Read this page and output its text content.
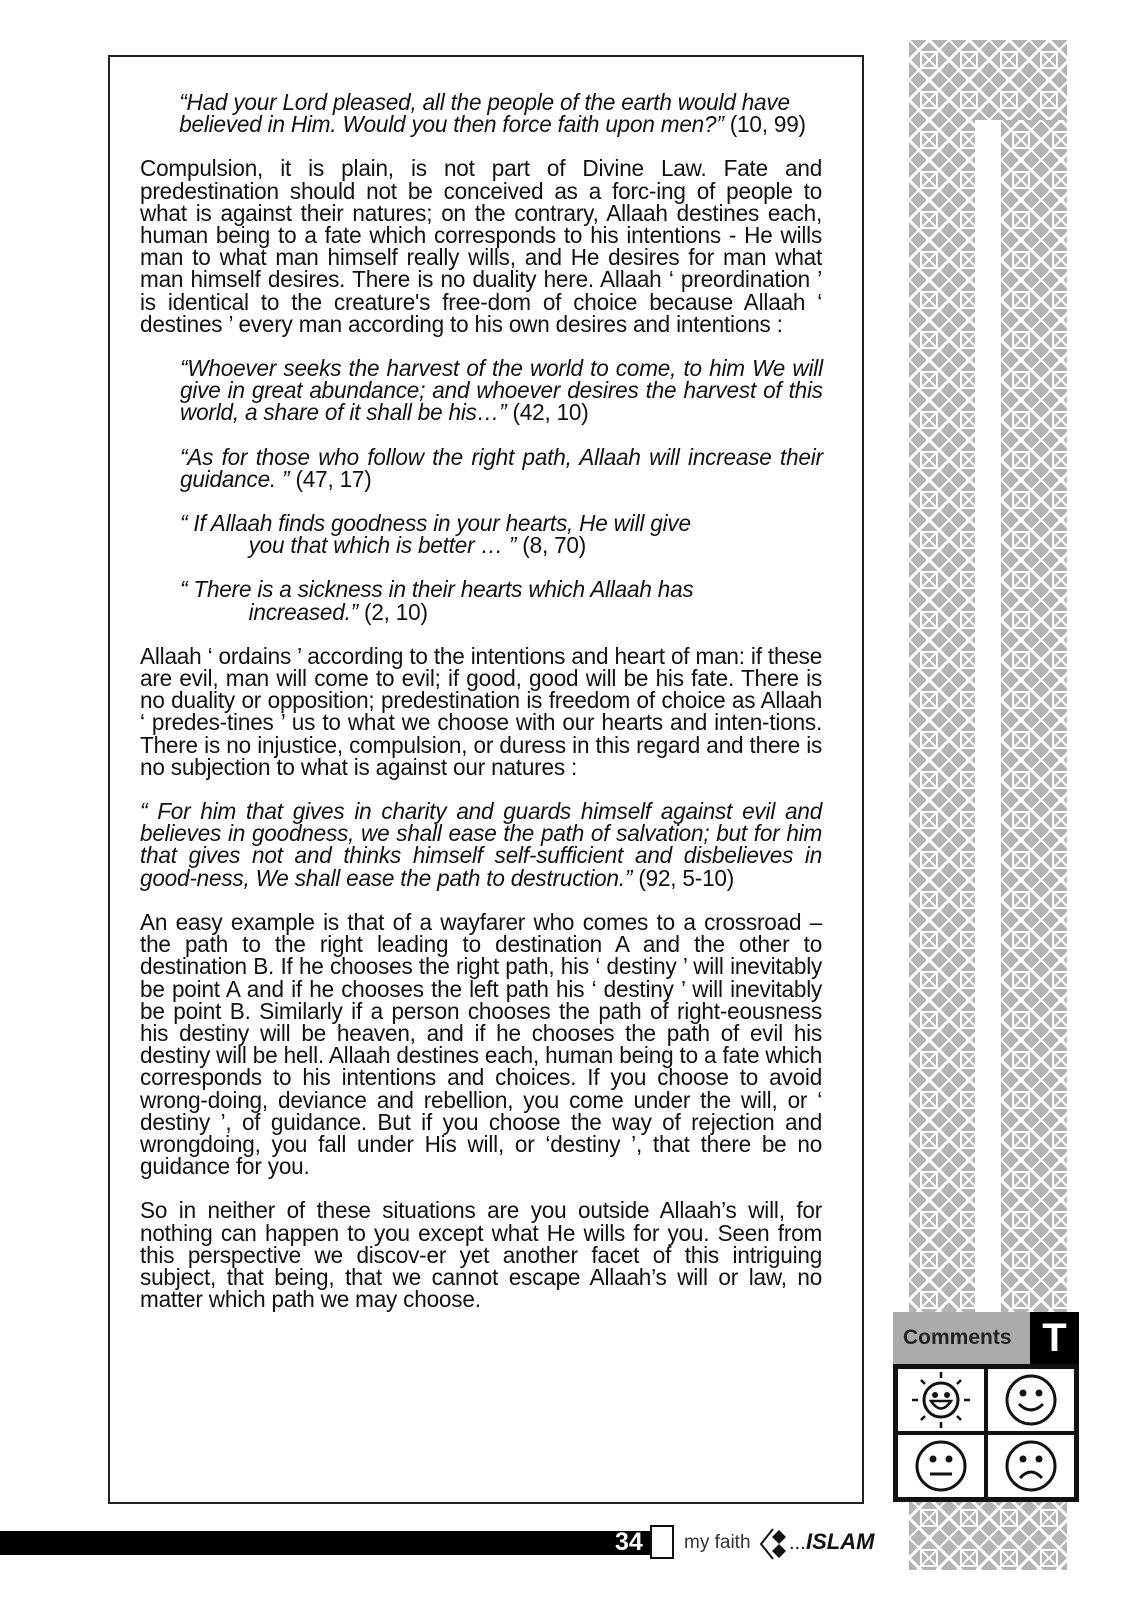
“Had your Lord pleased, all the people of the earth would have believed in Him. Would you then force faith upon men?” (10, 99)

Compulsion, it is plain, is not part of Divine Law. Fate and predestination should not be conceived as a forc-ing of people to what is against their natures; on the contrary, Allaah destines each, human being to a fate which corresponds to his intentions - He wills man to what man himself really wills, and He desires for man what man himself desires. There is no duality here. Allaah ‘ preordination ’ is identical to the creature's free-dom of choice because Allaah ‘ destines ’ every man according to his own desires and intentions :

“Whoever seeks the harvest of the world to come, to him We will give in great abundance; and whoever desires the harvest of this world, a share of it shall be his…” (42, 10)

“As for those who follow the right path, Allaah will increase their guidance. ” (47, 17)

“ If Allaah finds goodness in your hearts, He will give
you that which is better … ” (8, 70)

“ There is a sickness in their hearts which Allaah has
increased.” (2, 10)

Allaah ‘ ordains ’ according to the intentions and heart of man: if these are evil, man will come to evil; if good, good will be his fate. There is no duality or opposition; predestination is freedom of choice as Allaah ‘ predes-tines ’ us to what we choose with our hearts and inten-tions. There is no injustice, compulsion, or duress in this regard and there is no subjection to what is against our natures :

“ For him that gives in charity and guards himself against evil and believes in goodness, we shall ease the path of salvation; but for him that gives not and thinks himself self-sufficient and disbelieves in good-ness, We shall ease the path to destruction.” (92, 5-10)

An easy example is that of a wayfarer who comes to a crossroad – the path to the right leading to destination A and the other to destination B. If he chooses the right path, his ‘ destiny ’ will inevitably be point A and if he chooses the left path his ‘ destiny ’ will inevitably be point B. Similarly if a person chooses the path of right-eousness his destiny will be heaven, and if he chooses the path of evil his destiny will be hell. Allaah destines each, human being to a fate which corresponds to his intentions and choices. If you choose to avoid wrong-doing, deviance and rebellion, you come under the will, or ‘ destiny ’, of guidance. But if you choose the way of rejection and wrongdoing, you fall under His will, or ‘destiny ’, that there be no guidance for you.

So in neither of these situations are you outside Allaah’s will, for nothing can happen to you except what He wills for you. Seen from this perspective we discov-er yet another facet of this intriguing subject, that being, that we cannot escape Allaah’s will or law, no matter which path we may choose.

Comments T
34 my faith ... ISLAM
